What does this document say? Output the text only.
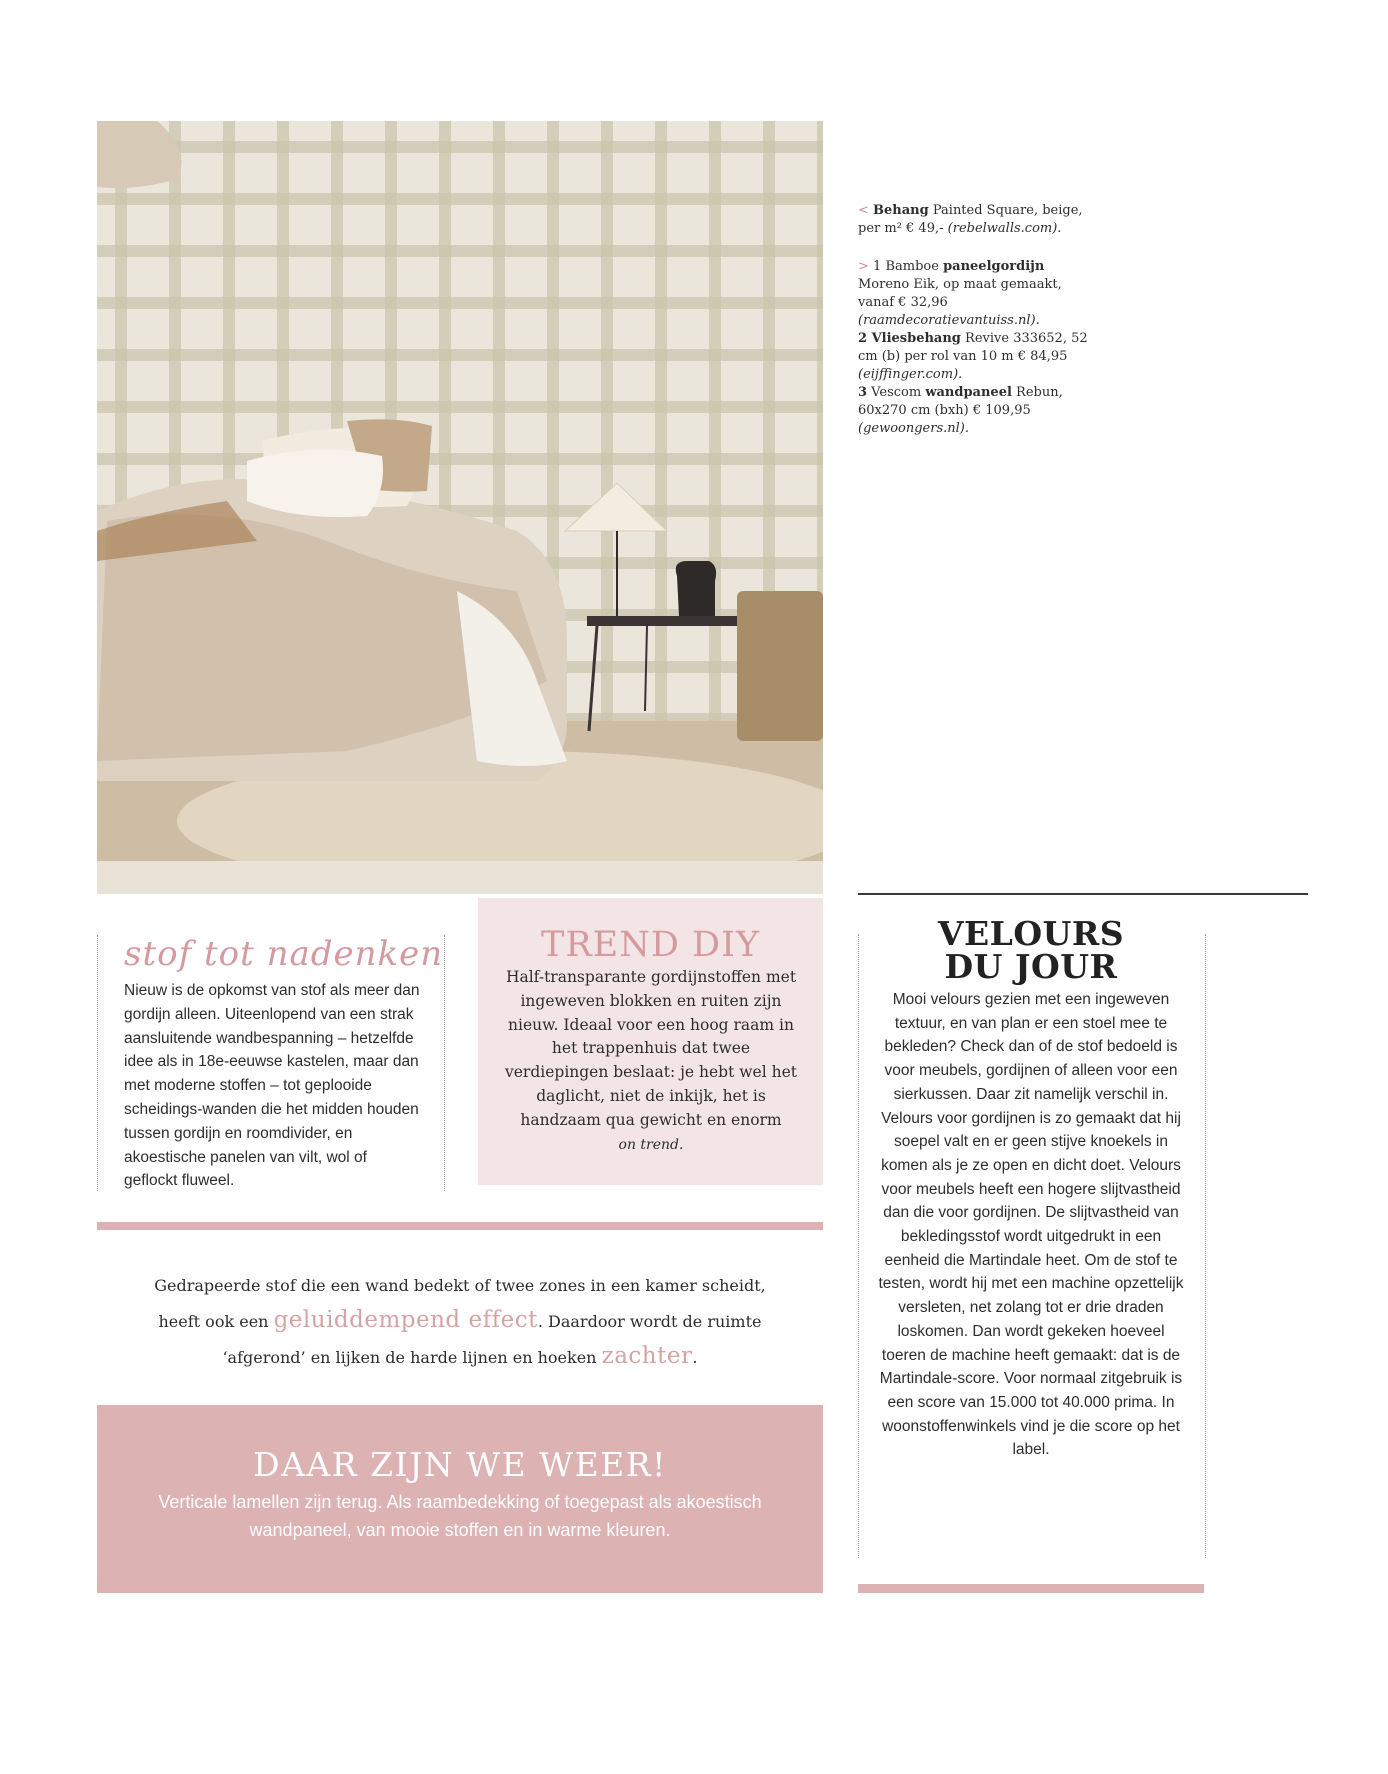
< Behang Painted Square, beige, per m² € 49,- (rebelwalls.com).

> 1 Bamboe paneelgordijn Moreno Eik, op maat gemaakt, vanaf € 32,96 (raamdecoratievantuiss.nl).
2 Vliesbehang Revive 333652, 52 cm (b) per rol van 10 m € 84,95 (eijffinger.com).
3 Vescom wandpaneel Rebun, 60x270 cm (bxh) € 109,95 (gewoongers.nl).

stof tot nadenken
Nieuw is de opkomst van stof als meer dan gordijn alleen. Uiteenlopend van een strak aansluitende wandbespanning – hetzelfde idee als in 18e-eeuwse kastelen, maar dan met moderne stoffen – tot geplooide scheidings-wanden die het midden houden tussen gordijn en roomdivider, en akoestische panelen van vilt, wol of geflockt fluweel.
TREND DIY
Half-transparante gordijnstoffen met ingeweven blokken en ruiten zijn nieuw. Ideaal voor een hoog raam in het trappenhuis dat twee verdiepingen beslaat: je hebt wel het daglicht, niet de inkijk, het is handzaam qua gewicht en enorm
on trend.
Gedrapeerde stof die een wand bedekt of twee zones in een kamer scheidt,
heeft ook een geluiddempend effect. Daardoor wordt de ruimte
‘afgerond’ en lijken de harde lijnen en hoeken zachter.
DAAR ZIJN WE WEER!
Verticale lamellen zijn terug. Als raambedekking of toegepast als akoestisch wandpaneel, van mooie stoffen en in warme kleuren.
VELOURS
DU JOUR
Mooi velours gezien met een ingeweven textuur, en van plan er een stoel mee te bekleden? Check dan of de stof bedoeld is voor meubels, gordijnen of alleen voor een sierkussen. Daar zit namelijk verschil in. Velours voor gordijnen is zo gemaakt dat hij soepel valt en er geen stijve knoekels in komen als je ze open en dicht doet. Velours voor meubels heeft een hogere slijtvastheid dan die voor gordijnen. De slijtvastheid van bekledingsstof wordt uitgedrukt in een eenheid die Martindale heet. Om de stof te testen, wordt hij met een machine opzettelijk versleten, net zolang tot er drie draden loskomen. Dan wordt gekeken hoeveel toeren de machine heeft gemaakt: dat is de Martindale-score. Voor normaal zitgebruik is een score van 15.000 tot 40.000 prima. In woonstoffenwinkels vind je die score op het label.
